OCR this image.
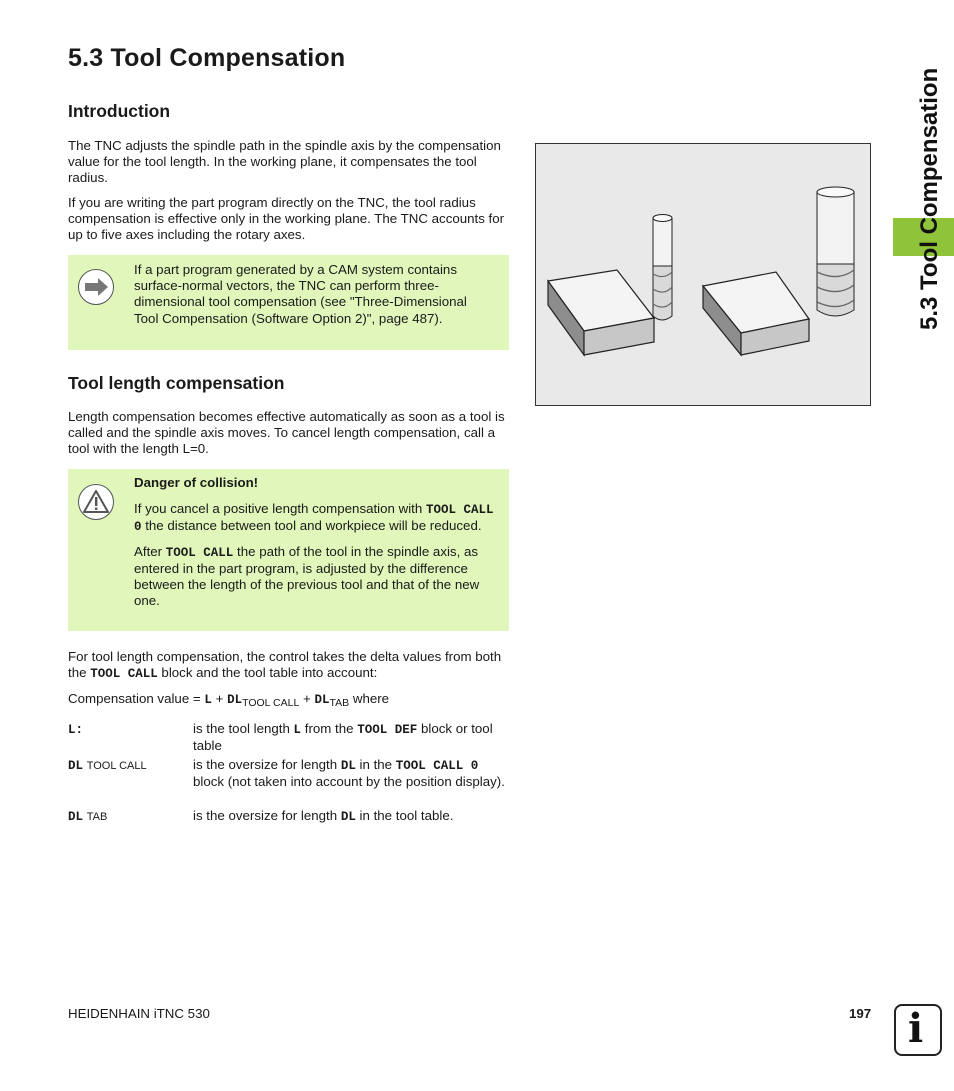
5.3 Tool Compensation
Introduction

The TNC adjusts the spindle path in the spindle axis by the compensation value for the tool length. In the working plane, it compensates the tool radius.

If you are writing the part program directly on the TNC, the tool radius compensation is effective only in the working plane. The TNC accounts for up to five axes including the rotary axes.

If a part program generated by a CAM system contains surface-normal vectors, the TNC can perform three-dimensional tool compensation (see "Three-Dimensional Tool Compensation (Software Option 2)", page 487).
Tool length compensation

Length compensation becomes effective automatically as soon as a tool is called and the spindle axis moves. To cancel length compensation, call a tool with the length L=0.

Danger of collision!
If you cancel a positive length compensation with TOOL CALL 0 the distance between tool and workpiece will be reduced.
After TOOL CALL the path of the tool in the spindle axis, as entered in the part program, is adjusted by the difference between the length of the previous tool and that of the new one.

For tool length compensation, the control takes the delta values from both the TOOL CALL block and the tool table into account:

Compensation value = $L + DL_{TOOL CALL} + DL_{TAB}$ where

L:	is the tool length L from the TOOL DEF block or tool table
DL TOOL CALL	is the oversize for length DL in the TOOL CALL 0 block (not taken into account by the position display).
DL TAB	is the oversize for length DL in the tool table.
5.3 Tool Compensation
HEIDENHAIN iTNC 530	197 i
